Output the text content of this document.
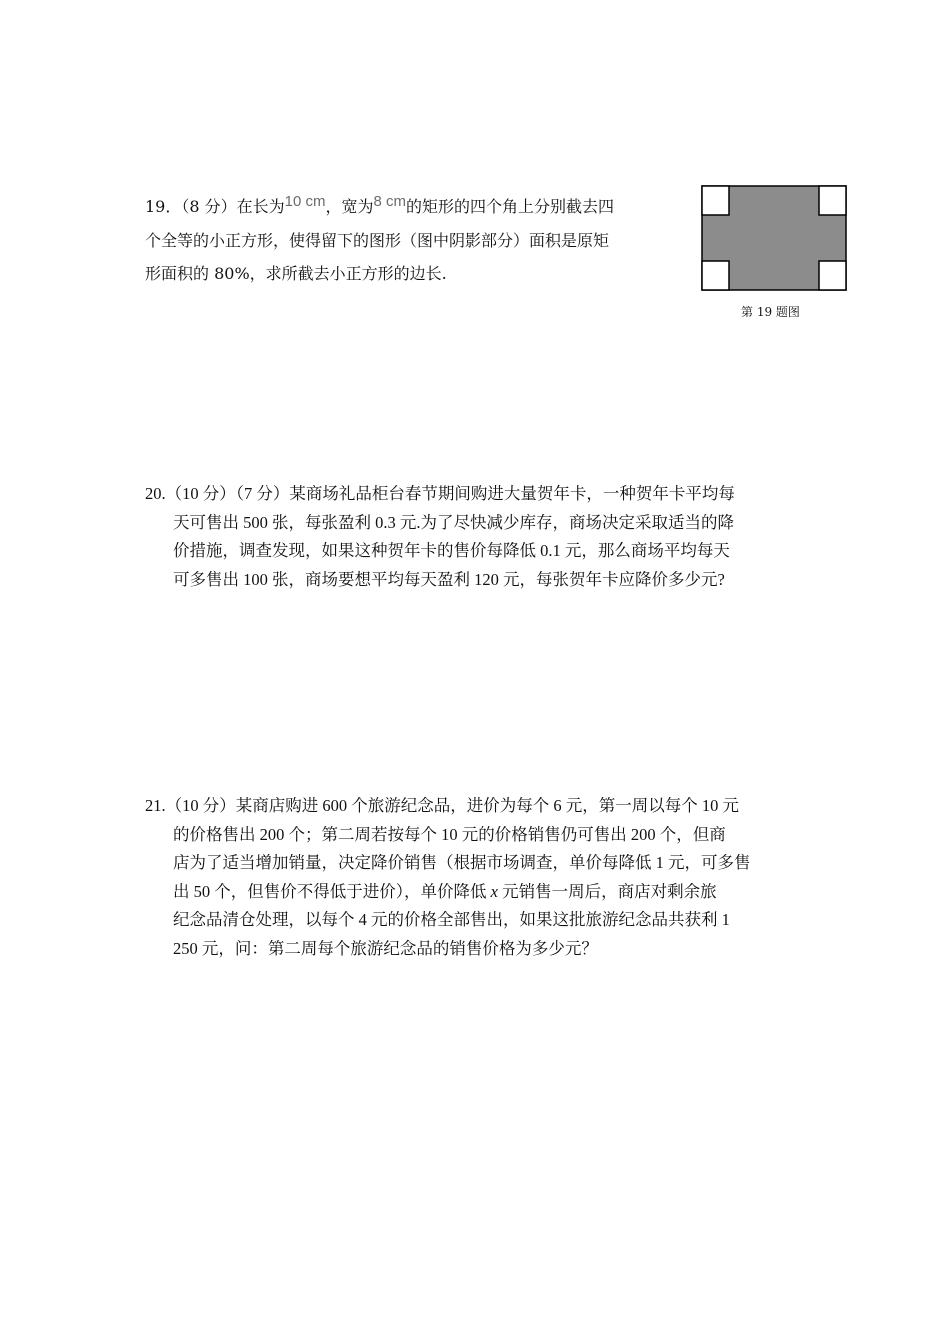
19．（8 分）在长为10 cm，宽为8 cm的矩形的四个角上分别截去四
个全等的小正方形，使得留下的图形（图中阴影部分）面积是原矩
形面积的 80%，求所截去小正方形的边长.
第 19 题图
20.（10 分）（7 分）某商场礼品柜台春节期间购进大量贺年卡，一种贺年卡平均每
天可售出 500 张，每张盈利 0.3 元.为了尽快减少库存，商场决定采取适当的降
价措施，调查发现，如果这种贺年卡的售价每降低 0.1 元，那么商场平均每天
可多售出 100 张，商场要想平均每天盈利 120 元，每张贺年卡应降价多少元?
21.（10 分）某商店购进 600 个旅游纪念品，进价为每个 6 元，第一周以每个 10 元
的价格售出 200 个；第二周若按每个 10 元的价格销售仍可售出 200 个，但商
店为了适当增加销量，决定降价销售（根据市场调查，单价每降低 1 元，可多售
出 50 个，但售价不得低于进价），单价降低 x 元销售一周后，商店对剩余旅
纪念品清仓处理，以每个 4 元的价格全部售出，如果这批旅游纪念品共获利 1
250 元，问：第二周每个旅游纪念品的销售价格为多少元？
